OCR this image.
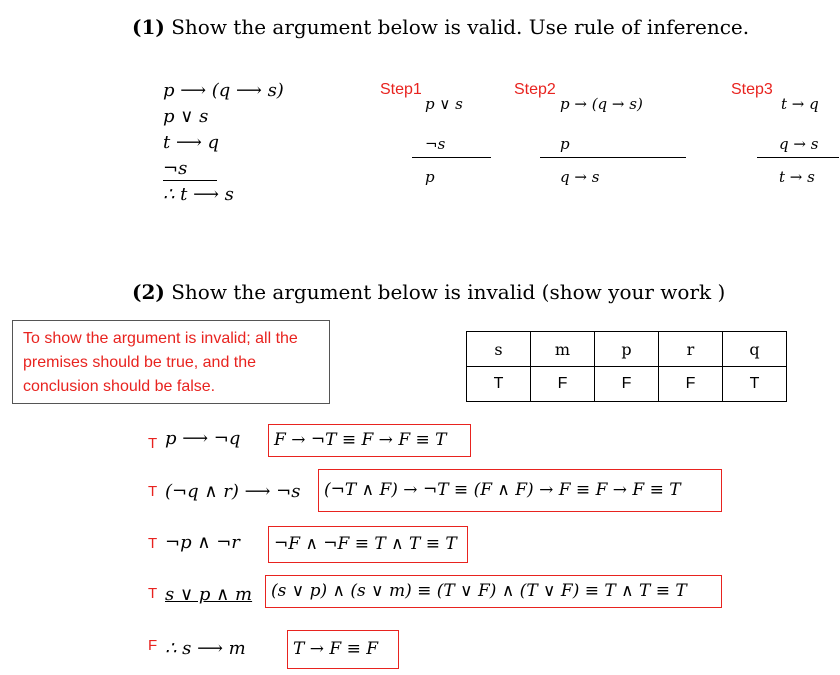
(1) Show the argument below is valid. Use rule of inference.
p ⟶ (q ⟶ s)
p ∨ s
t ⟶ q
¬s
∴ t ⟶ s
Step1
p ∨ s
¬s
p
Step2
p → (q → s)
p
q → s
Step3
t → q
q → s
t → s
(2) Show the argument below is invalid (show your work )
To show the argument is invalid; all the premises should be true, and the conclusion should be false.
s	m	p	r	q
T	F	F	F	T
T p ⟶ ¬q	F → ¬T ≡ F → F ≡ T
T (¬q ∧ r) ⟶ ¬s	(¬T ∧ F) → ¬T ≡ (F ∧ F) → F ≡ F → F ≡ T
T ¬p ∧ ¬r	¬F ∧ ¬F ≡ T ∧ T ≡ T
T s ∨ p ∧ m	(s ∨ p) ∧ (s ∨ m) ≡ (T ∨ F) ∧ (T ∨ F) ≡ T ∧ T ≡ T
F ∴ s ⟶ m	T → F ≡ F
